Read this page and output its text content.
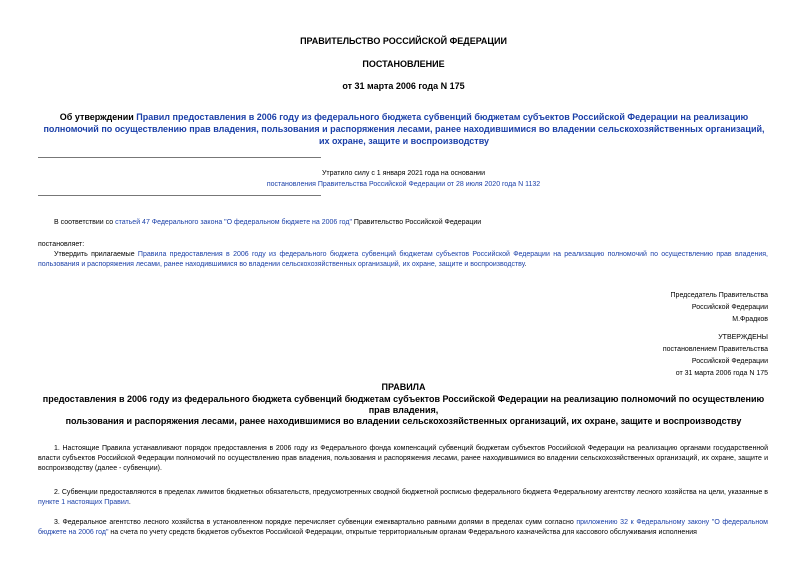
ПРАВИТЕЛЬСТВО РОССИЙСКОЙ ФЕДЕРАЦИИ
ПОСТАНОВЛЕНИЕ
от 31 марта 2006 года N 175
Об утверждении Правил предоставления в 2006 году из федерального бюджета субвенций бюджетам субъектов Российской Федерации на реализацию полномочий по осуществлению прав владения, пользования и распоряжения лесами, ранее находившимися во владении сельскохозяйственных организаций, их охране, защите и воспроизводству
Утратило силу с 1 января 2021 года на основании
постановления Правительства Российской Федерации от 28 июля 2020 года N 1132
В соответствии со статьей 47 Федерального закона "О федеральном бюджете на 2006 год" Правительство Российской Федерации
постановляет:
Утвердить прилагаемые Правила предоставления в 2006 году из федерального бюджета субвенций бюджетам субъектов Российской Федерации на реализацию полномочий по осуществлению прав владения, пользования и распоряжения лесами, ранее находившимися во владении сельскохозяйственных организаций, их охране, защите и воспроизводству.
Председатель Правительства
Российской Федерации
М.Фрадков
УТВЕРЖДЕНЫ
постановлением Правительства
Российской Федерации
от 31 марта 2006 года N 175
ПРАВИЛА
предоставления в 2006 году из федерального бюджета субвенций бюджетам субъектов Российской Федерации на реализацию полномочий по осуществлению
прав владения,
пользования и распоряжения лесами, ранее находившимися во владении сельскохозяйственных организаций, их охране, защите и воспроизводству
1. Настоящие Правила устанавливают порядок предоставления в 2006 году из Федерального фонда компенсаций субвенций бюджетам субъектов Российской Федерации на реализацию органами государственной власти субъектов Российской Федерации полномочий по осуществлению прав владения, пользования и распоряжения лесами, ранее находившимися во владении сельскохозяйственных организаций, их охране, защите и воспроизводству (далее - субвенции).
2. Субвенции предоставляются в пределах лимитов бюджетных обязательств, предусмотренных сводной бюджетной росписью федерального бюджета Федеральному агентству лесного хозяйства на цели, указанные в пункте 1 настоящих Правил.
3. Федеральное агентство лесного хозяйства в установленном порядке перечисляет субвенции ежеквартально равными долями в пределах сумм согласно приложению 32 к Федеральному закону "О федеральном бюджете на 2006 год" на счета по учету средств бюджетов субъектов Российской Федерации, открытые территориальным органам Федерального казначейства для кассового обслуживания исполнения
